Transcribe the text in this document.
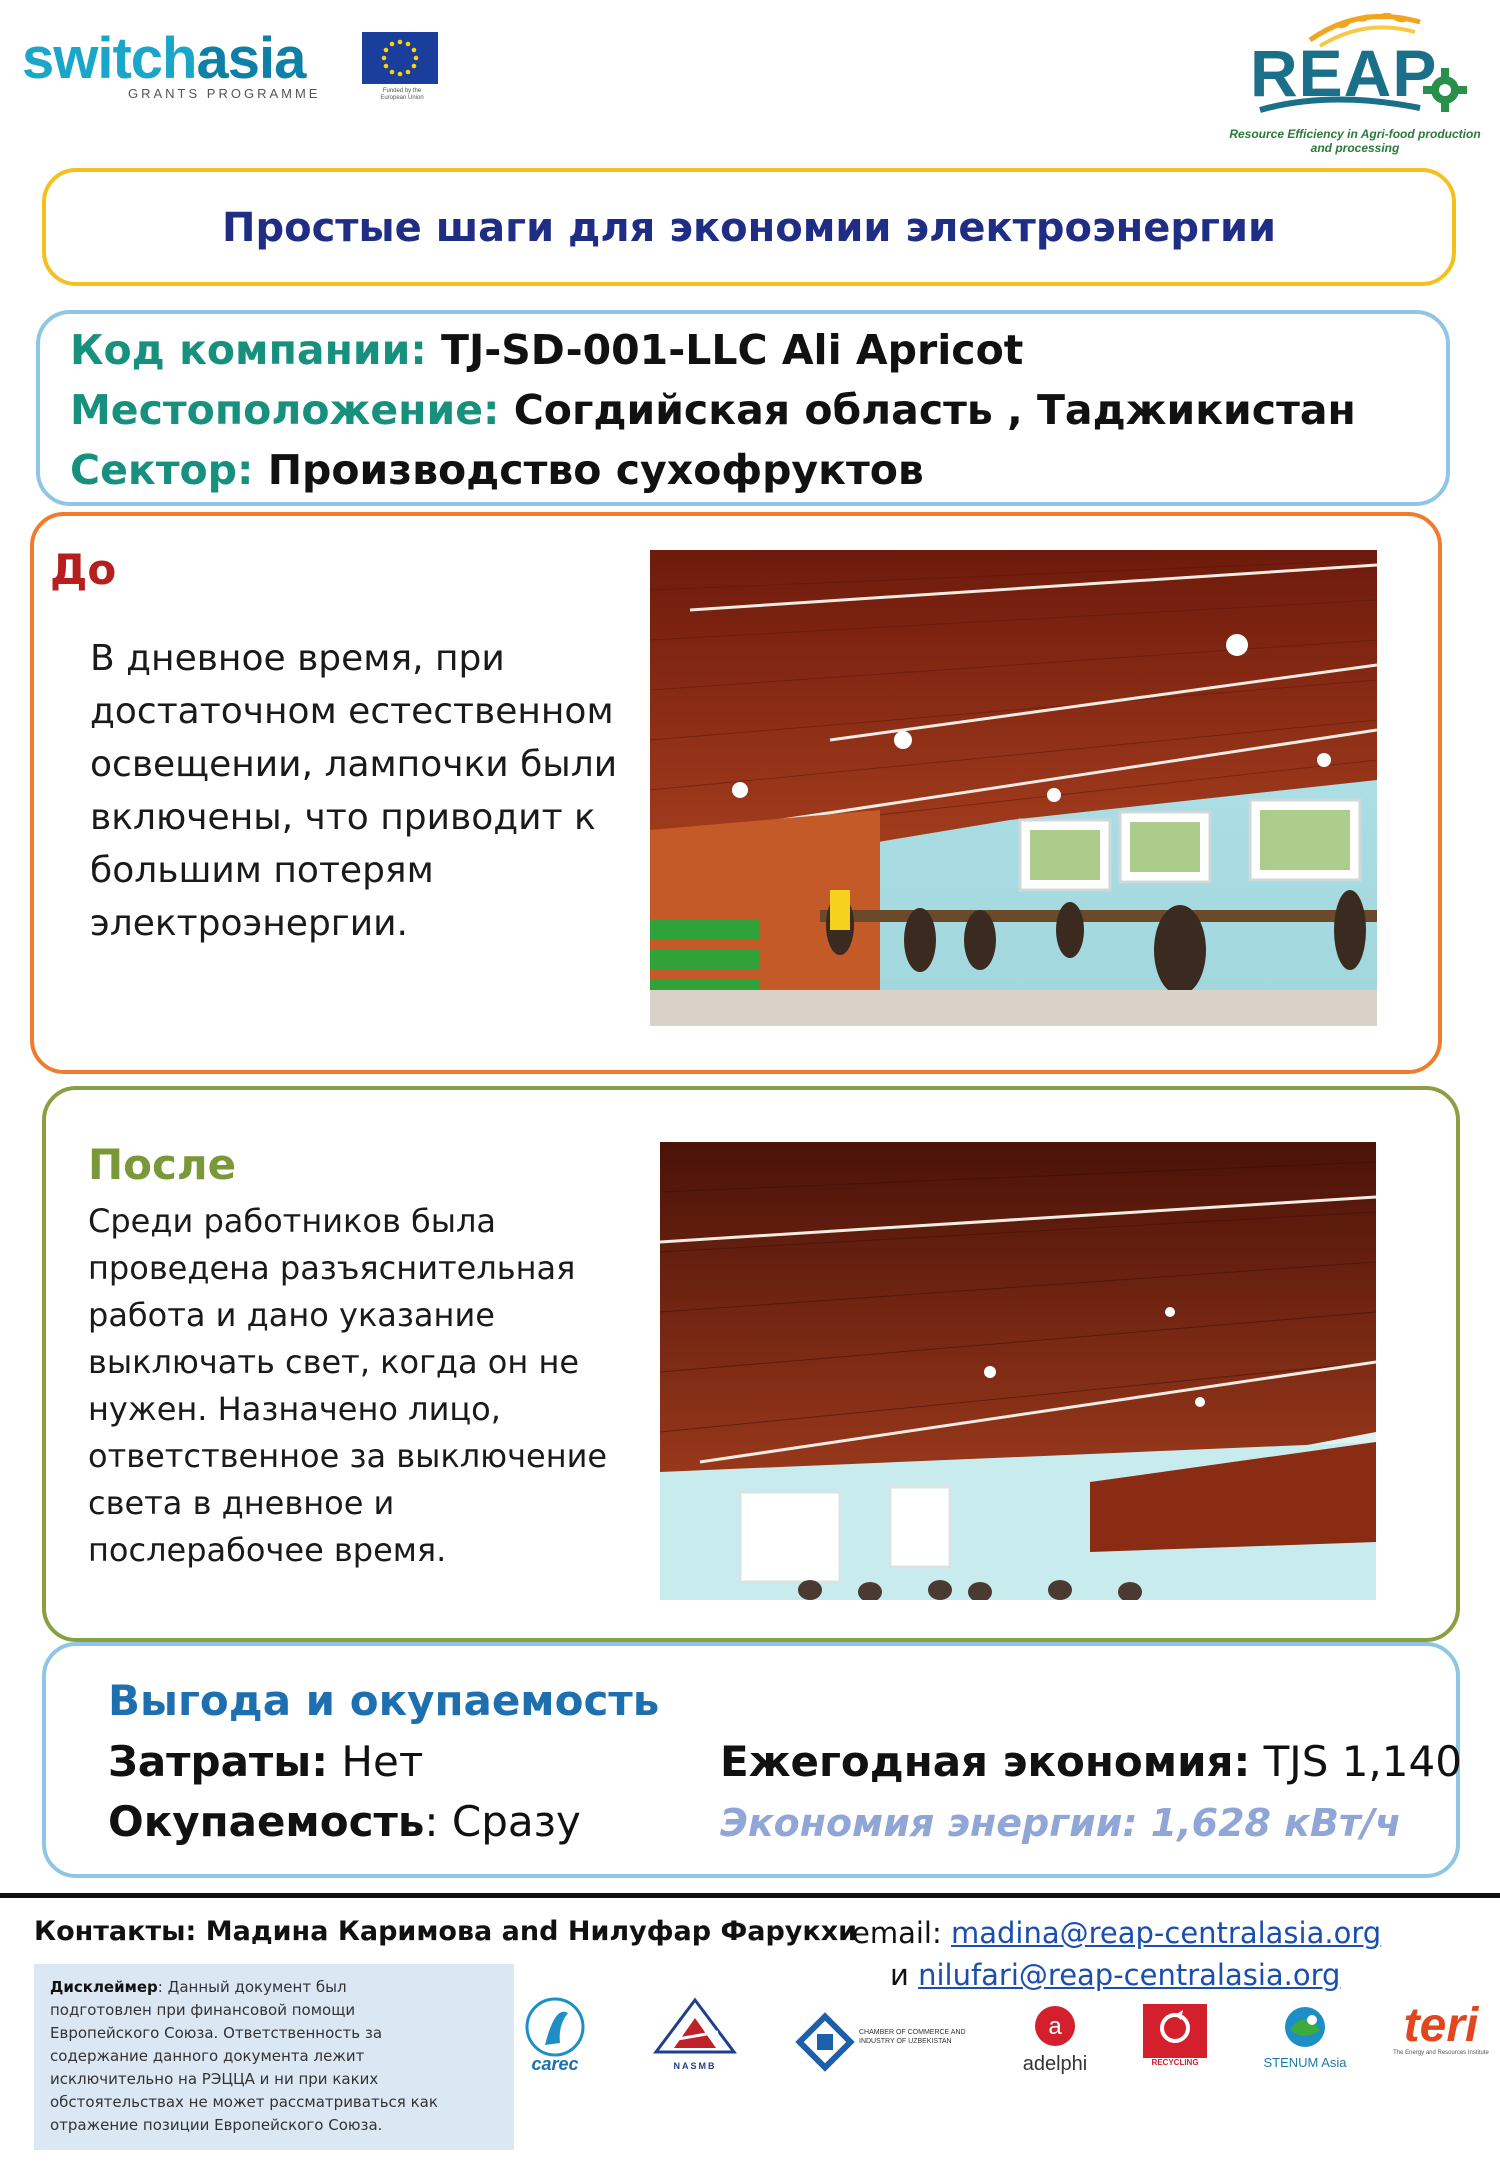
switchasia
GRANTS PROGRAMME	Funded by the European Union	REAP
Resource Efficiency in Agri-food production and processing
Простые шаги для экономии электроэнергии
Код компании: TJ-SD-001-LLC Ali Apricot
Местоположение: Согдийская область , Таджикистан
Сектор: Производство сухофруктов
До
В дневное время, при
достаточном естественном
освещении, лампочки были
включены, что приводит к
большим потерям
электроэнергии.
После
Среди работников была
проведена разъяснительная
работа и дано указание
выключать свет, когда он не
нужен. Назначено лицо,
ответственное за выключение
света в дневное и
послерабочее время.
Выгода и окупаемость
Затраты: Нет
Окупаемость: Сразу
Ежегодная экономия: TJS 1,140
Экономия энергии: 1,628 кВт/ч
Контакты: Мадина Каримова and Нилуфар Фарукхи
email: madina@reap-centralasia.org
и nilufari@reap-centralasia.org
Дисклеймер: Данный документ был
подготовлен при финансовой помощи
Европейского Союза. Ответственность за
содержание данного документа лежит
исключительно на РЭЦЦА и ни при каких
обстоятельствах не может рассматриваться как
отражение позиции Европейского Союза.
carec	NASMB
CHAMBER OF COMMERCE AND INDUSTRY OF UZBEKISTAN
a
adelphi	AUSTRIA RECYCLING	STENUM Asia
teri
The Energy and Resources Institute
